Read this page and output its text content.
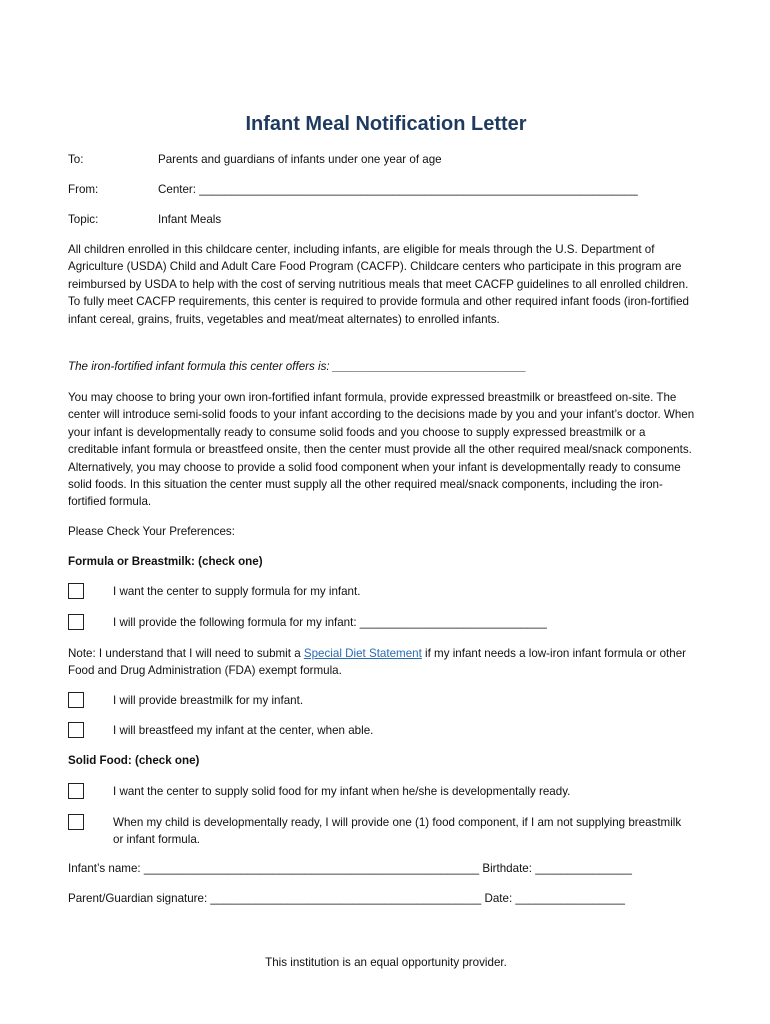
Infant Meal Notification Letter
To:	Parents and guardians of infants under one year of age
From:	Center: ____________________________________________________________________
Topic:	Infant Meals
All children enrolled in this childcare center, including infants, are eligible for meals through the U.S. Department of Agriculture (USDA) Child and Adult Care Food Program (CACFP). Childcare centers who participate in this program are reimbursed by USDA to help with the cost of serving nutritious meals that meet CACFP guidelines to all enrolled children. To fully meet CACFP requirements, this center is required to provide formula and other required infant foods (iron-fortified infant cereal, grains, fruits, vegetables and meat/meat alternates) to enrolled infants.
The iron-fortified infant formula this center offers is: ______________________________
You may choose to bring your own iron-fortified infant formula, provide expressed breastmilk or breastfeed on-site. The center will introduce semi-solid foods to your infant according to the decisions made by you and your infant’s doctor. When your infant is developmentally ready to consume solid foods and you choose to supply expressed breastmilk or a creditable infant formula or breastfeed onsite, then the center must provide all the other required meal/snack components. Alternatively, you may choose to provide a solid food component when your infant is developmentally ready to consume solid foods. In this situation the center must supply all the other required meal/snack components, including the iron-fortified formula.
Please Check Your Preferences:
Formula or Breastmilk: (check one)
I want the center to supply formula for my infant.
I will provide the following formula for my infant: _____________________________
Note: I understand that I will need to submit a Special Diet Statement if my infant needs a low-iron infant formula or other Food and Drug Administration (FDA) exempt formula.
I will provide breastmilk for my infant.
I will breastfeed my infant at the center, when able.
Solid Food: (check one)
I want the center to supply solid food for my infant when he/she is developmentally ready.
When my child is developmentally ready, I will provide one (1) food component, if I am not supplying breastmilk or infant formula.
Infant’s name: ____________________________________________________ Birthdate: _______________
Parent/Guardian signature: __________________________________________ Date: _________________
This institution is an equal opportunity provider.
